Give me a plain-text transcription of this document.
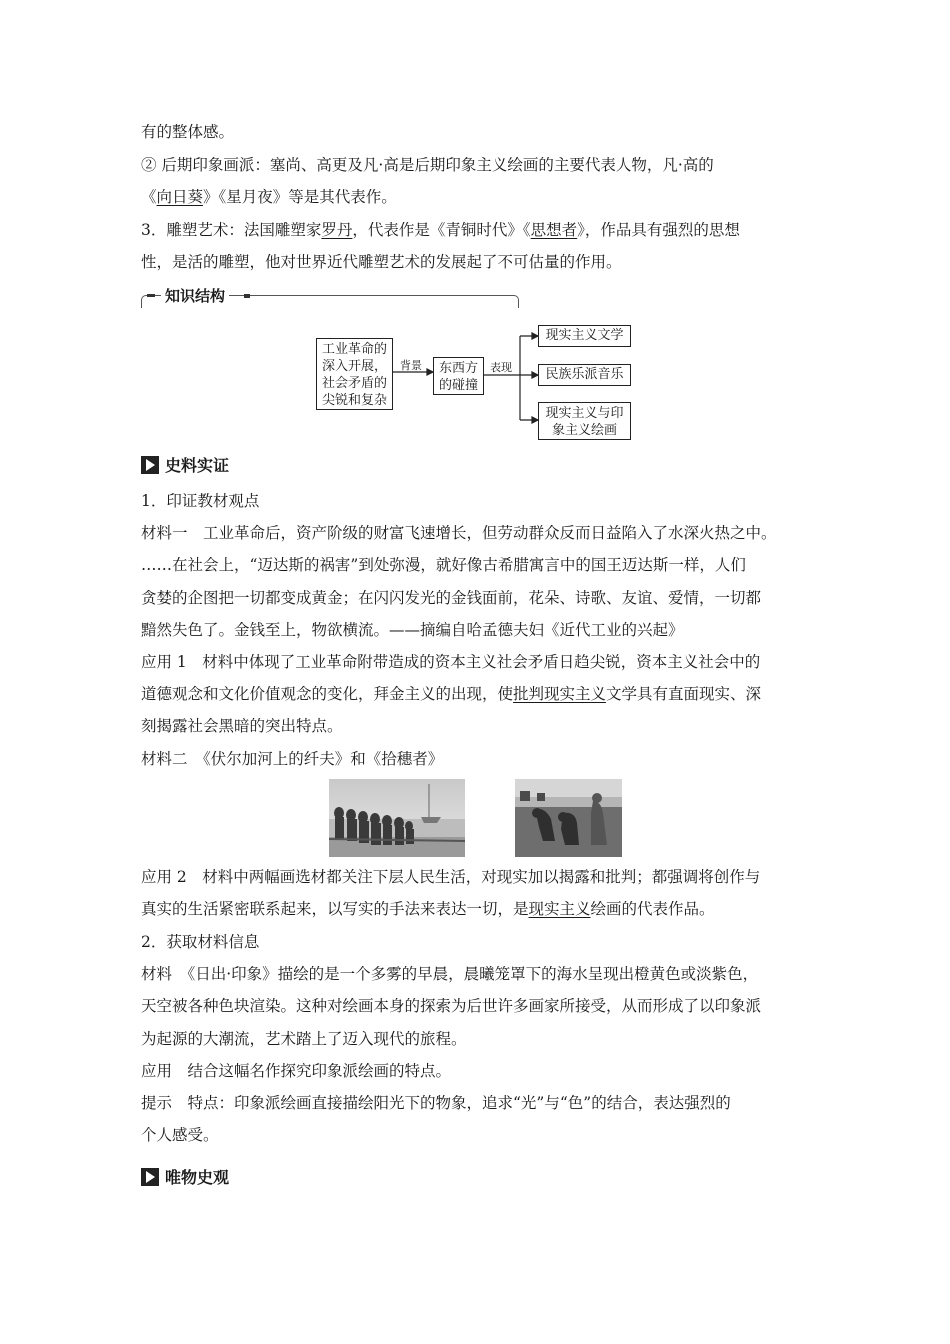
有的整体感。
② 后期印象画派：塞尚、高更及凡·高是后期印象主义绘画的主要代表人物，凡·高的
《向日葵》《星月夜》等是其代表作。
3．雕塑艺术：法国雕塑家罗丹，代表作是《青铜时代》《思想者》，作品具有强烈的思想
性，是活的雕塑，他对世界近代雕塑艺术的发展起了不可估量的作用。
知识结构
工业革命的
深入开展，
社会矛盾的
尖锐和复杂
背景	东西方
的碰撞
表现
现实主义文学
民族乐派音乐
现实主义与印
象主义绘画
史料实证
1．印证教材观点
材料一　工业革命后，资产阶级的财富飞速增长，但劳动群众反而日益陷入了水深火热之中。
……在社会上，“迈达斯的祸害”到处弥漫，就好像古希腊寓言中的国王迈达斯一样，人们
贪婪的企图把一切都变成黄金；在闪闪发光的金钱面前，花朵、诗歌、友谊、爱情，一切都
黯然失色了。金钱至上，物欲横流。——摘编自哈孟德夫妇《近代工业的兴起》
应用 1　材料中体现了工业革命附带造成的资本主义社会矛盾日趋尖锐，资本主义社会中的
道德观念和文化价值观念的变化，拜金主义的出现，使批判现实主义文学具有直面现实、深
刻揭露社会黑暗的突出特点。
材料二　《伏尔加河上的纤夫》和《拾穗者》
应用 2　材料中两幅画选材都关注下层人民生活，对现实加以揭露和批判；都强调将创作与
真实的生活紧密联系起来，以写实的手法来表达一切，是现实主义绘画的代表作品。
2．获取材料信息
材料　《日出·印象》描绘的是一个多雾的早晨，晨曦笼罩下的海水呈现出橙黄色或淡紫色，
天空被各种色块渲染。这种对绘画本身的探索为后世许多画家所接受，从而形成了以印象派
为起源的大潮流，艺术踏上了迈入现代的旅程。
应用　结合这幅名作探究印象派绘画的特点。
提示　特点：印象派绘画直接描绘阳光下的物象，追求“光”与“色”的结合，表达强烈的
个人感受。
唯物史观
